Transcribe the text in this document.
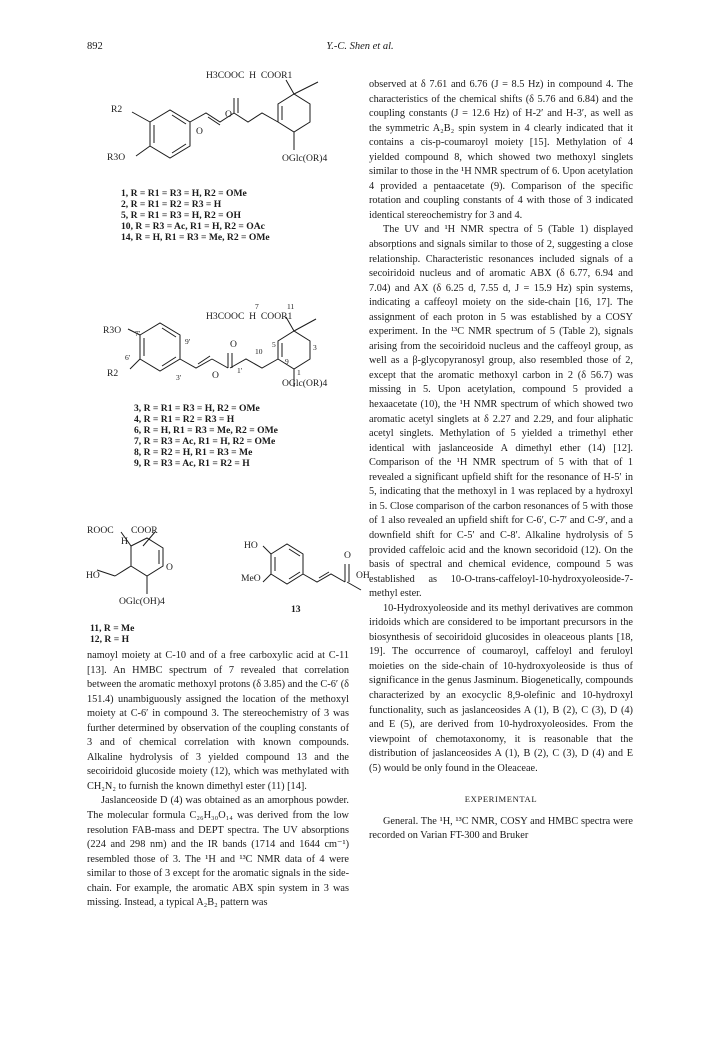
892	Y.-C. Shen et al.
H3COOC  H  COOR1
R2
R3O	OGlc(OR)4
O
O
1, R = R1 = R3 = H, R2 = OMe
2, R = R1 = R2 = R3 = H
5, R = R1 = R3 = H, R2 = OH
10, R = R3 = Ac, R1 = H, R2 = OAc
14, R = H, R1 = R3 = Me, R2 = OMe
H3COOC  H  COOR1
R3O
R2
OGlc(OR)4
7	11
7'
9'
10
5	3
6'
3'
1'
9
1
O
O
3, R = R1 = R3 = H, R2 = OMe
4, R = R1 = R2 = R3 = H
6, R = H, R1 = R3 = Me, R2 = OMe
7, R = R3 = Ac, R1 = H, R2 = OMe
8, R = R2 = H, R1 = R3 = Me
9, R = R3 = Ac, R1 = R2 = H
ROOC COOR
H
HO
O
OGlc(OH)4
11, R = Me
12, R = H
HO
MeO
O
OH
13

namoyl moiety at C-10 and of a free carboxylic acid at C-11 [13]. An HMBC spectrum of 7 revealed that correlation between the aromatic methoxyl protons (δ 3.85) and the C-6′ (δ 151.4) unambiguously assigned the location of the methoxyl moiety at C-6′ in compound 3. The stereochemistry of 3 was further determined by observation of the coupling constants of 3 and of chemical correlation with known compounds. Alkaline hydrolysis of 3 yielded compound 13 and the secoiridoid glucoside moiety (12), which was methylated with CH₂N₂ to furnish the known dimethyl ester (11) [14].

Jaslanceoside D (4) was obtained as an amorphous powder. The molecular formula C₂₆H₃₀O₁₄ was derived from the low resolution FAB-mass and DEPT spectra. The UV absorptions (224 and 298 nm) and the IR bands (1714 and 1644 cm⁻¹) resembled those of 3. The ¹H and ¹³C NMR data of 4 were similar to those of 3 except for the aromatic signals in the side-chain. For example, the aromatic ABX spin system in 3 was missing. Instead, a typical A₂B₂ pattern was

observed at δ 7.61 and 6.76 (J = 8.5 Hz) in compound 4. The characteristics of the chemical shifts (δ 5.76 and 6.84) and the coupling constants (J = 12.6 Hz) of H-2′ and H-3′, as well as the symmetric A₂B₂ spin system in 4 clearly indicated that it contains a cis-p-coumaroyl moiety [15]. Methylation of 4 yielded compound 8, which showed two methoxyl singlets similar to those in the ¹H NMR spectrum of 6. Upon acetylation 4 provided a pentaacetate (9). Comparison of the specific rotation and coupling constants of 4 with those of 3 indicated identical stereochemistry for 3 and 4.

The UV and ¹H NMR spectra of 5 (Table 1) displayed absorptions and signals similar to those of 2, suggesting a close relationship. Characteristic resonances included signals of a secoiridoid nucleus and of aromatic ABX (δ 6.77, 6.94 and 7.04) and AX (δ 6.25 d, 7.55 d, J = 15.9 Hz) spin systems, indicating a caffeoyl moiety on the side-chain [16, 17]. The assignment of each proton in 5 was established by a COSY experiment. In the ¹³C NMR spectrum of 5 (Table 2), signals arising from the secoiridoid nucleus and the caffeoyl group, as well as a β-glycopyranosyl group, also resembled those of 2, except that the aromatic methoxyl carbon in 2 (δ 56.7) was missing in 5. Upon acetylation, compound 5 provided a hexaacetate (10), the ¹H NMR spectrum of which showed two aromatic acetyl singlets at δ 2.27 and 2.29, and four aliphatic acetyl singlets. Methylation of 5 yielded a trimethyl ether identical with jaslanceoside A dimethyl ether (14) [12]. Comparison of the ¹H NMR spectrum of 5 with that of 1 revealed a significant upfield shift for the resonance of H-5′ in 5, indicating that the methoxyl in 1 was replaced by a hydroxyl in 5. Close comparison of the carbon resonances of 5 with those of 1 also revealed an upfield shift for C-6′, C-7′ and C-9′, and a downfield shift for C-5′ and C-8′. Alkaline hydrolysis of 5 provided caffeloic acid and the known secoridoid (12). On the basis of spectral and chemical evidence, compound 5 was established as 10-O-trans-caffeloyl-10-hydroxyoleoside-7-methyl ester.

10-Hydroxyoleoside and its methyl derivatives are common iridoids which are considered to be important precursors in the biosynthesis of secoiridoid glucosides in oleaceous plants [18, 19]. The occurrence of coumaroyl, caffeloyl and feruloyl moieties on the side-chain of 10-hydroxyoleoside is thus of significance in the genus Jasminum. Biogenetically, compounds characterized by an exocyclic 8,9-olefinic and 10-hydroxyl functionality, such as jaslanceosides A (1), B (2), C (3), D (4) and E (5), are derived from 10-hydroxyoleosides. From the viewpoint of chemotaxonomy, it is reasonable that the distribution of jaslanceosides A (1), B (2), C (3), D (4) and E (5) would be only found in the Oleaceae.

EXPERIMENTAL

General. The ¹H, ¹³C NMR, COSY and HMBC spectra were recorded on Varian FT-300 and Bruker
